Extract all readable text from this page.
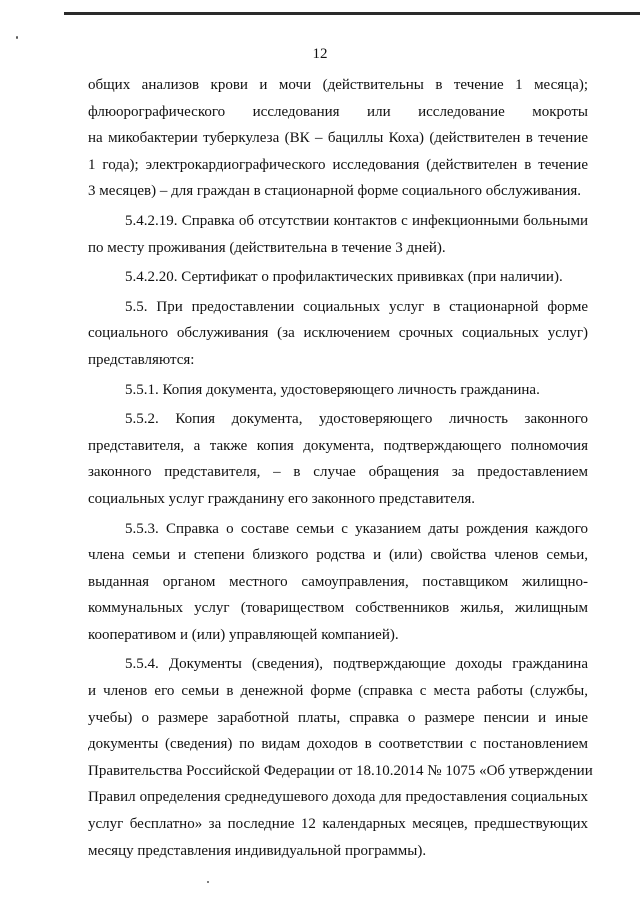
12
общих анализов крови и мочи (действительны в течение 1 месяца);
флюорографического исследования или исследование мокроты
на микобактерии туберкулеза (ВК – бациллы Коха) (действителен в течение
1 года); электрокардиографического исследования (действителен в течение
3 месяцев) – для граждан в стационарной форме социального обслуживания.
5.4.2.19. Справка об отсутствии контактов с инфекционными больными
по месту проживания (действительна в течение 3 дней).
5.4.2.20. Сертификат о профилактических прививках (при наличии).
5.5. При предоставлении социальных услуг в стационарной форме
социального обслуживания (за исключением срочных социальных услуг)
представляются:
5.5.1. Копия документа, удостоверяющего личность гражданина.
5.5.2. Копия документа, удостоверяющего личность законного
представителя, а также копия документа, подтверждающего полномочия
законного представителя, – в случае обращения за предоставлением
социальных услуг гражданину его законного представителя.
5.5.3. Справка о составе семьи с указанием даты рождения каждого
члена семьи и степени близкого родства и (или) свойства членов семьи,
выданная органом местного самоуправления, поставщиком жилищно-
коммунальных услуг (товариществом собственников жилья, жилищным
кооперативом и (или) управляющей компанией).
5.5.4. Документы (сведения), подтверждающие доходы гражданина
и членов его семьи в денежной форме (справка с места работы (службы,
учебы) о размере заработной платы, справка о размере пенсии и иные
документы (сведения) по видам доходов в соответствии с постановлением
Правительства Российской Федерации от 18.10.2014 № 1075 «Об утверждении
Правил определения среднедушевого дохода для предоставления социальных
услуг бесплатно» за последние 12 календарных месяцев, предшествующих
месяцу представления индивидуальной программы).
